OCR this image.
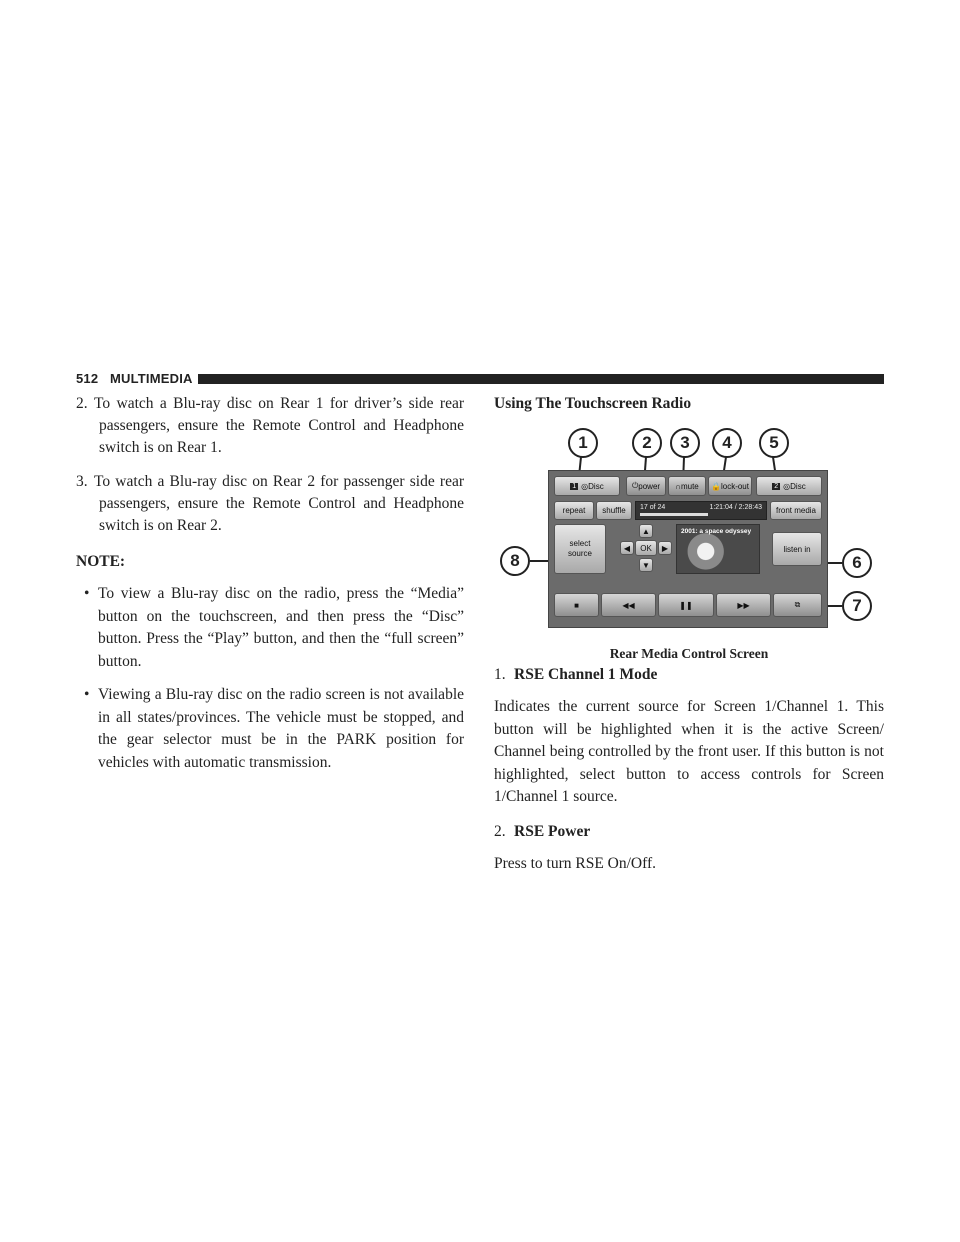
512 MULTIMEDIA

2. To watch a Blu-ray disc on Rear 1 for driver’s side rear passengers, ensure the Remote Control and Headphone switch is on Rear 1.

3. To watch a Blu-ray disc on Rear 2 for passenger side rear passengers, ensure the Remote Control and Headphone switch is on Rear 2.

NOTE:

• To view a Blu-ray disc on the radio, press the “Media” button on the touchscreen, and then press the “Disc” button. Press the “Play” button, and then the “full screen” button.

• Viewing a Blu-ray disc on the radio screen is not available in all states/provinces. The vehicle must be stopped, and the gear selector must be in the PARK position for vehicles with automatic transmission.

Using The Touchscreen Radio

1 ◎ Disc	⏻ power ∩ mute 🔒 lock-out	2 ◎ Disc
repeat	shuffle	17 of 24	1:21:04 / 2:28:43	front media
select source
▲
◀	OK	▶
▼
2001: a space odyssey
listen in
■	◀◀	❚❚	▶▶	⧉
1	2	3	4	5
6
7
8
Rear Media Control Screen

1. RSE Channel 1 Mode

Indicates the current source for Screen 1/Channel 1. This button will be highlighted when it is the active Screen/ Channel being controlled by the front user. If this button is not highlighted, select button to access controls for Screen 1/Channel 1 source.

2. RSE Power

Press to turn RSE On/Off.
